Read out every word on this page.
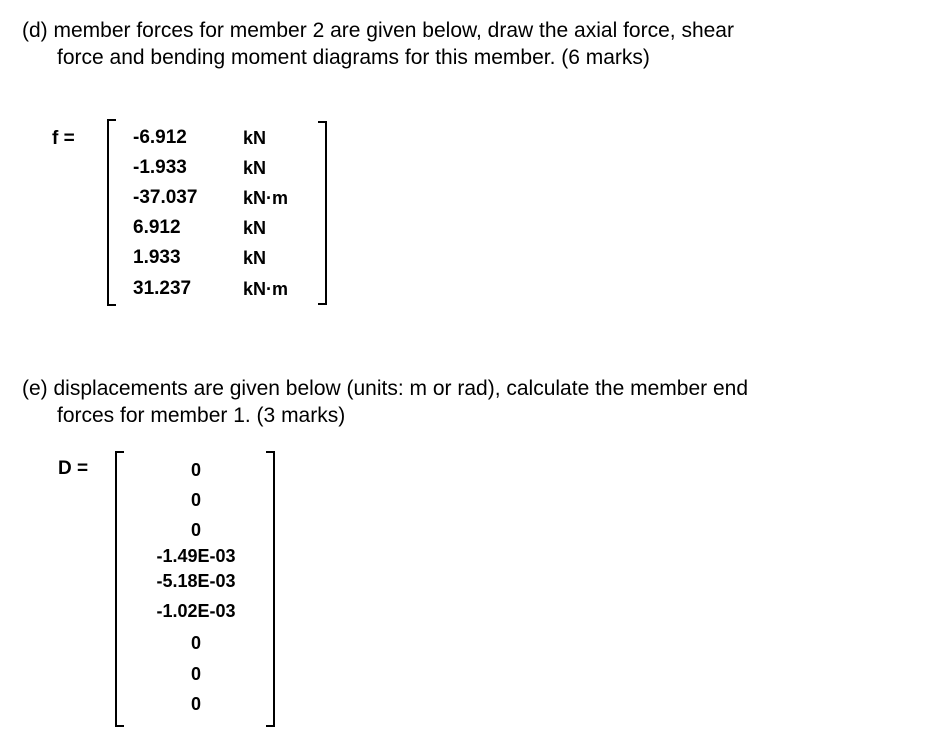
(d) member forces for member 2 are given below, draw the axial force, shear
force and bending moment diagrams for this member. (6 marks)
f =	-6.912	kN
-1.933	kN
-37.037	kN·m
6.912	kN
1.933	kN
31.237	kN·m
(e) displacements are given below (units: m or rad), calculate the member end
forces for member 1. (3 marks)
D =	0
0
0
-1.49E-03
-5.18E-03
-1.02E-03
0
0
0
